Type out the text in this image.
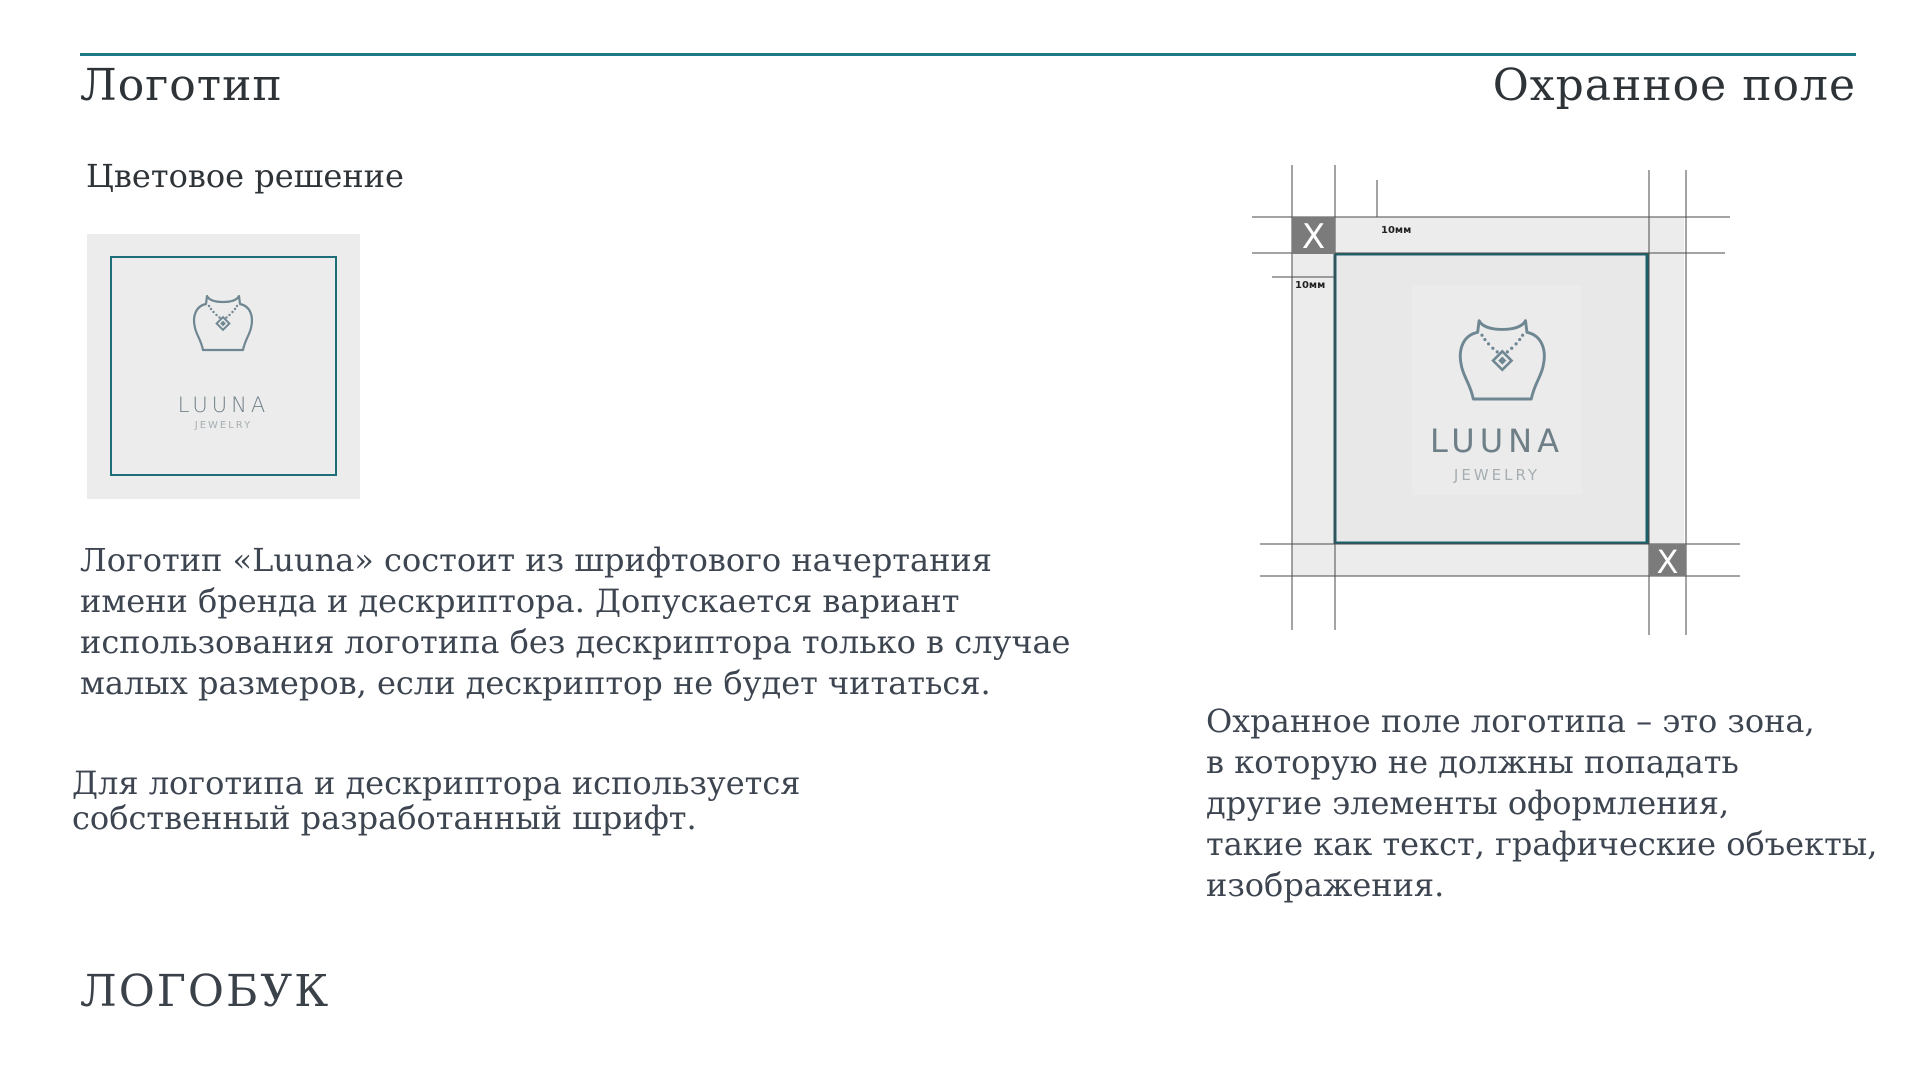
Логотип	Охранное поле
Цветовое решение
LUUNA
JEWELRY
Логотип «Luuna» состоит из шрифтового начертания
имени бренда и дескриптора. Допускается вариант
использования логотипа без дескриптора только в случае
малых размеров, если дескриптор не будет читаться.
Для логотипа и дескриптора используется
собственный разработанный шрифт.
X
X
10мм
10мм
LUUNA
JEWELRY
Охранное поле логотипа – это зона,
в которую не должны попадать
другие элементы оформления,
такие как текст, графические объекты,
изображения.
ЛОГОБУК
